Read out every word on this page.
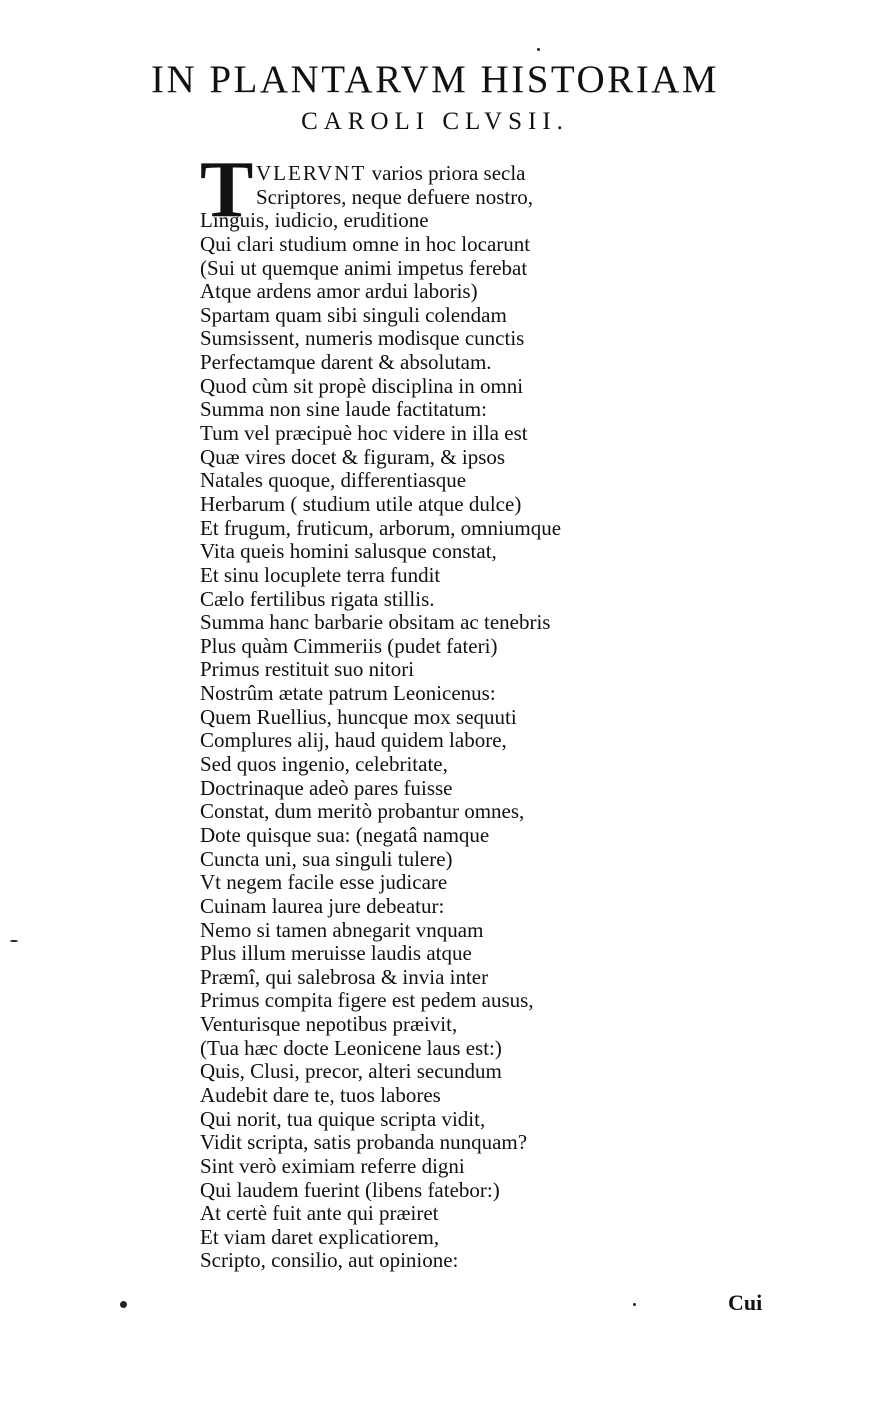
IN PLANTARVM HISTORIAM
CAROLI CLVSII.
T VLERVNT varios priora secla
Scriptores, neque defuere nostro,
Linguis, iudicio, eruditione
Qui clari studium omne in hoc locarunt
(Sui ut quemque animi impetus ferebat
Atque ardens amor ardui laboris)
Spartam quam sibi singuli colendam
Sumsissent, numeris modisque cunctis
Perfectamque darent & absolutam.
Quod cùm sit propè disciplina in omni
Summa non sine laude factitatum:
Tum vel præcipuè hoc videre in illa est
Quæ vires docet & figuram, & ipsos
Natales quoque, differentiasque
Herbarum ( studium utile atque dulce)
Et frugum, fruticum, arborum, omniumque
Vita queis homini salusque constat,
Et sinu locuplete terra fundit
Cælo fertilibus rigata stillis.
Summa hanc barbarie obsitam ac tenebris
Plus quàm Cimmeriis (pudet fateri)
Primus restituit suo nitori
Nostrûm ætate patrum Leonicenus:
Quem Ruellius, huncque mox sequuti
Complures alij, haud quidem labore,
Sed quos ingenio, celebritate,
Doctrinaque adeò pares fuisse
Constat, dum meritò probantur omnes,
Dote quisque sua: (negatâ namque
Cuncta uni, sua singuli tulere)
Vt negem facile esse judicare
Cuinam laurea jure debeatur:
Nemo si tamen abnegarit vnquam
Plus illum meruisse laudis atque
Præmî, qui salebrosa & invia inter
Primus compita figere est pedem ausus,
Venturisque nepotibus præivit,
(Tua hæc docte Leonicene laus est:)
Quis, Clusi, precor, alteri secundum
Audebit dare te, tuos labores
Qui norit, tua quique scripta vidit,
Vidit scripta, satis probanda nunquam?
Sint verò eximiam referre digni
Qui laudem fuerint (libens fatebor:)
At certè fuit ante qui præiret
Et viam daret explicatiorem,
Scripto, consilio, aut opinione:
Cui
